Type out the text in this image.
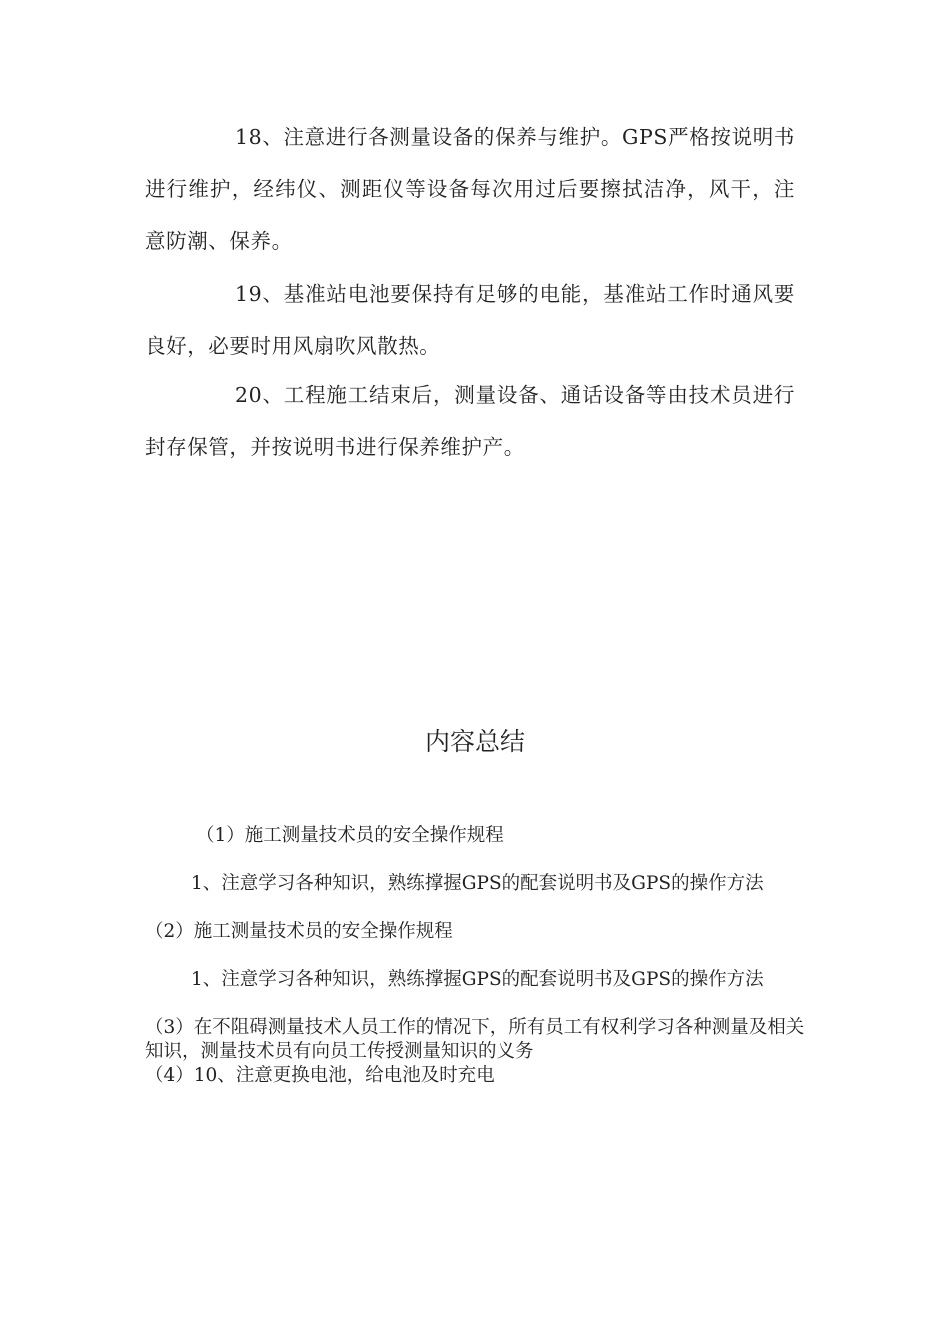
18、注意进行各测量设备的保养与维护。GPS严格按说明书进行维护，经纬仪、测距仪等设备每次用过后要擦拭洁净，风干，注意防潮、保养。

19、基准站电池要保持有足够的电能，基准站工作时通风要良好，必要时用风扇吹风散热。

20、工程施工结束后，测量设备、通话设备等由技术员进行封存保管，并按说明书进行保养维护产。

内容总结

（1）施工测量技术员的安全操作规程

1、注意学习各种知识，熟练撑握GPS的配套说明书及GPS的操作方法

（2）施工测量技术员的安全操作规程

1、注意学习各种知识，熟练撑握GPS的配套说明书及GPS的操作方法

（3）在不阻碍测量技术人员工作的情况下，所有员工有权利学习各种测量及相关知识，测量技术员有向员工传授测量知识的义务

（4）10、注意更换电池，给电池及时充电
